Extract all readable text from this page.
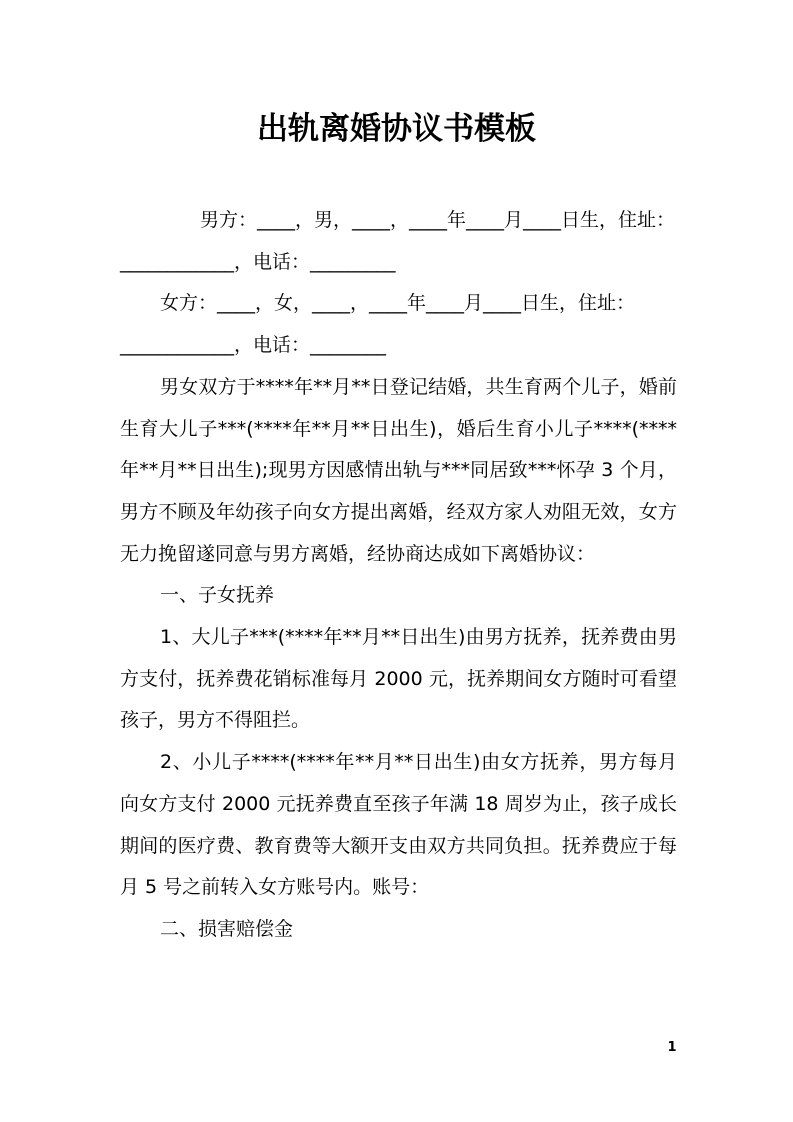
出轨离婚协议书模板

男方：____，男，____，____年____月____日生，住址：

____________，电话：_________

女方：____，女，____，____年____月____日生，住址：

____________，电话：________

男女双方于****年**月**日登记结婚，共生育两个儿子，婚前生育大儿子***(****年**月**日出生)，婚后生育小儿子****(****年**月**日出生);现男方因感情出轨与***同居致***怀孕 3 个月，男方不顾及年幼孩子向女方提出离婚，经双方家人劝阻无效，女方无力挽留遂同意与男方离婚，经协商达成如下离婚协议：

一、子女抚养

1、大儿子***(****年**月**日出生)由男方抚养，抚养费由男方支付，抚养费花销标准每月 2000 元，抚养期间女方随时可看望孩子，男方不得阻拦。

2、小儿子****(****年**月**日出生)由女方抚养，男方每月向女方支付 2000 元抚养费直至孩子年满 18 周岁为止，孩子成长期间的医疗费、教育费等大额开支由双方共同负担。抚养费应于每月 5 号之前转入女方账号内。账号：

二、损害赔偿金

1
